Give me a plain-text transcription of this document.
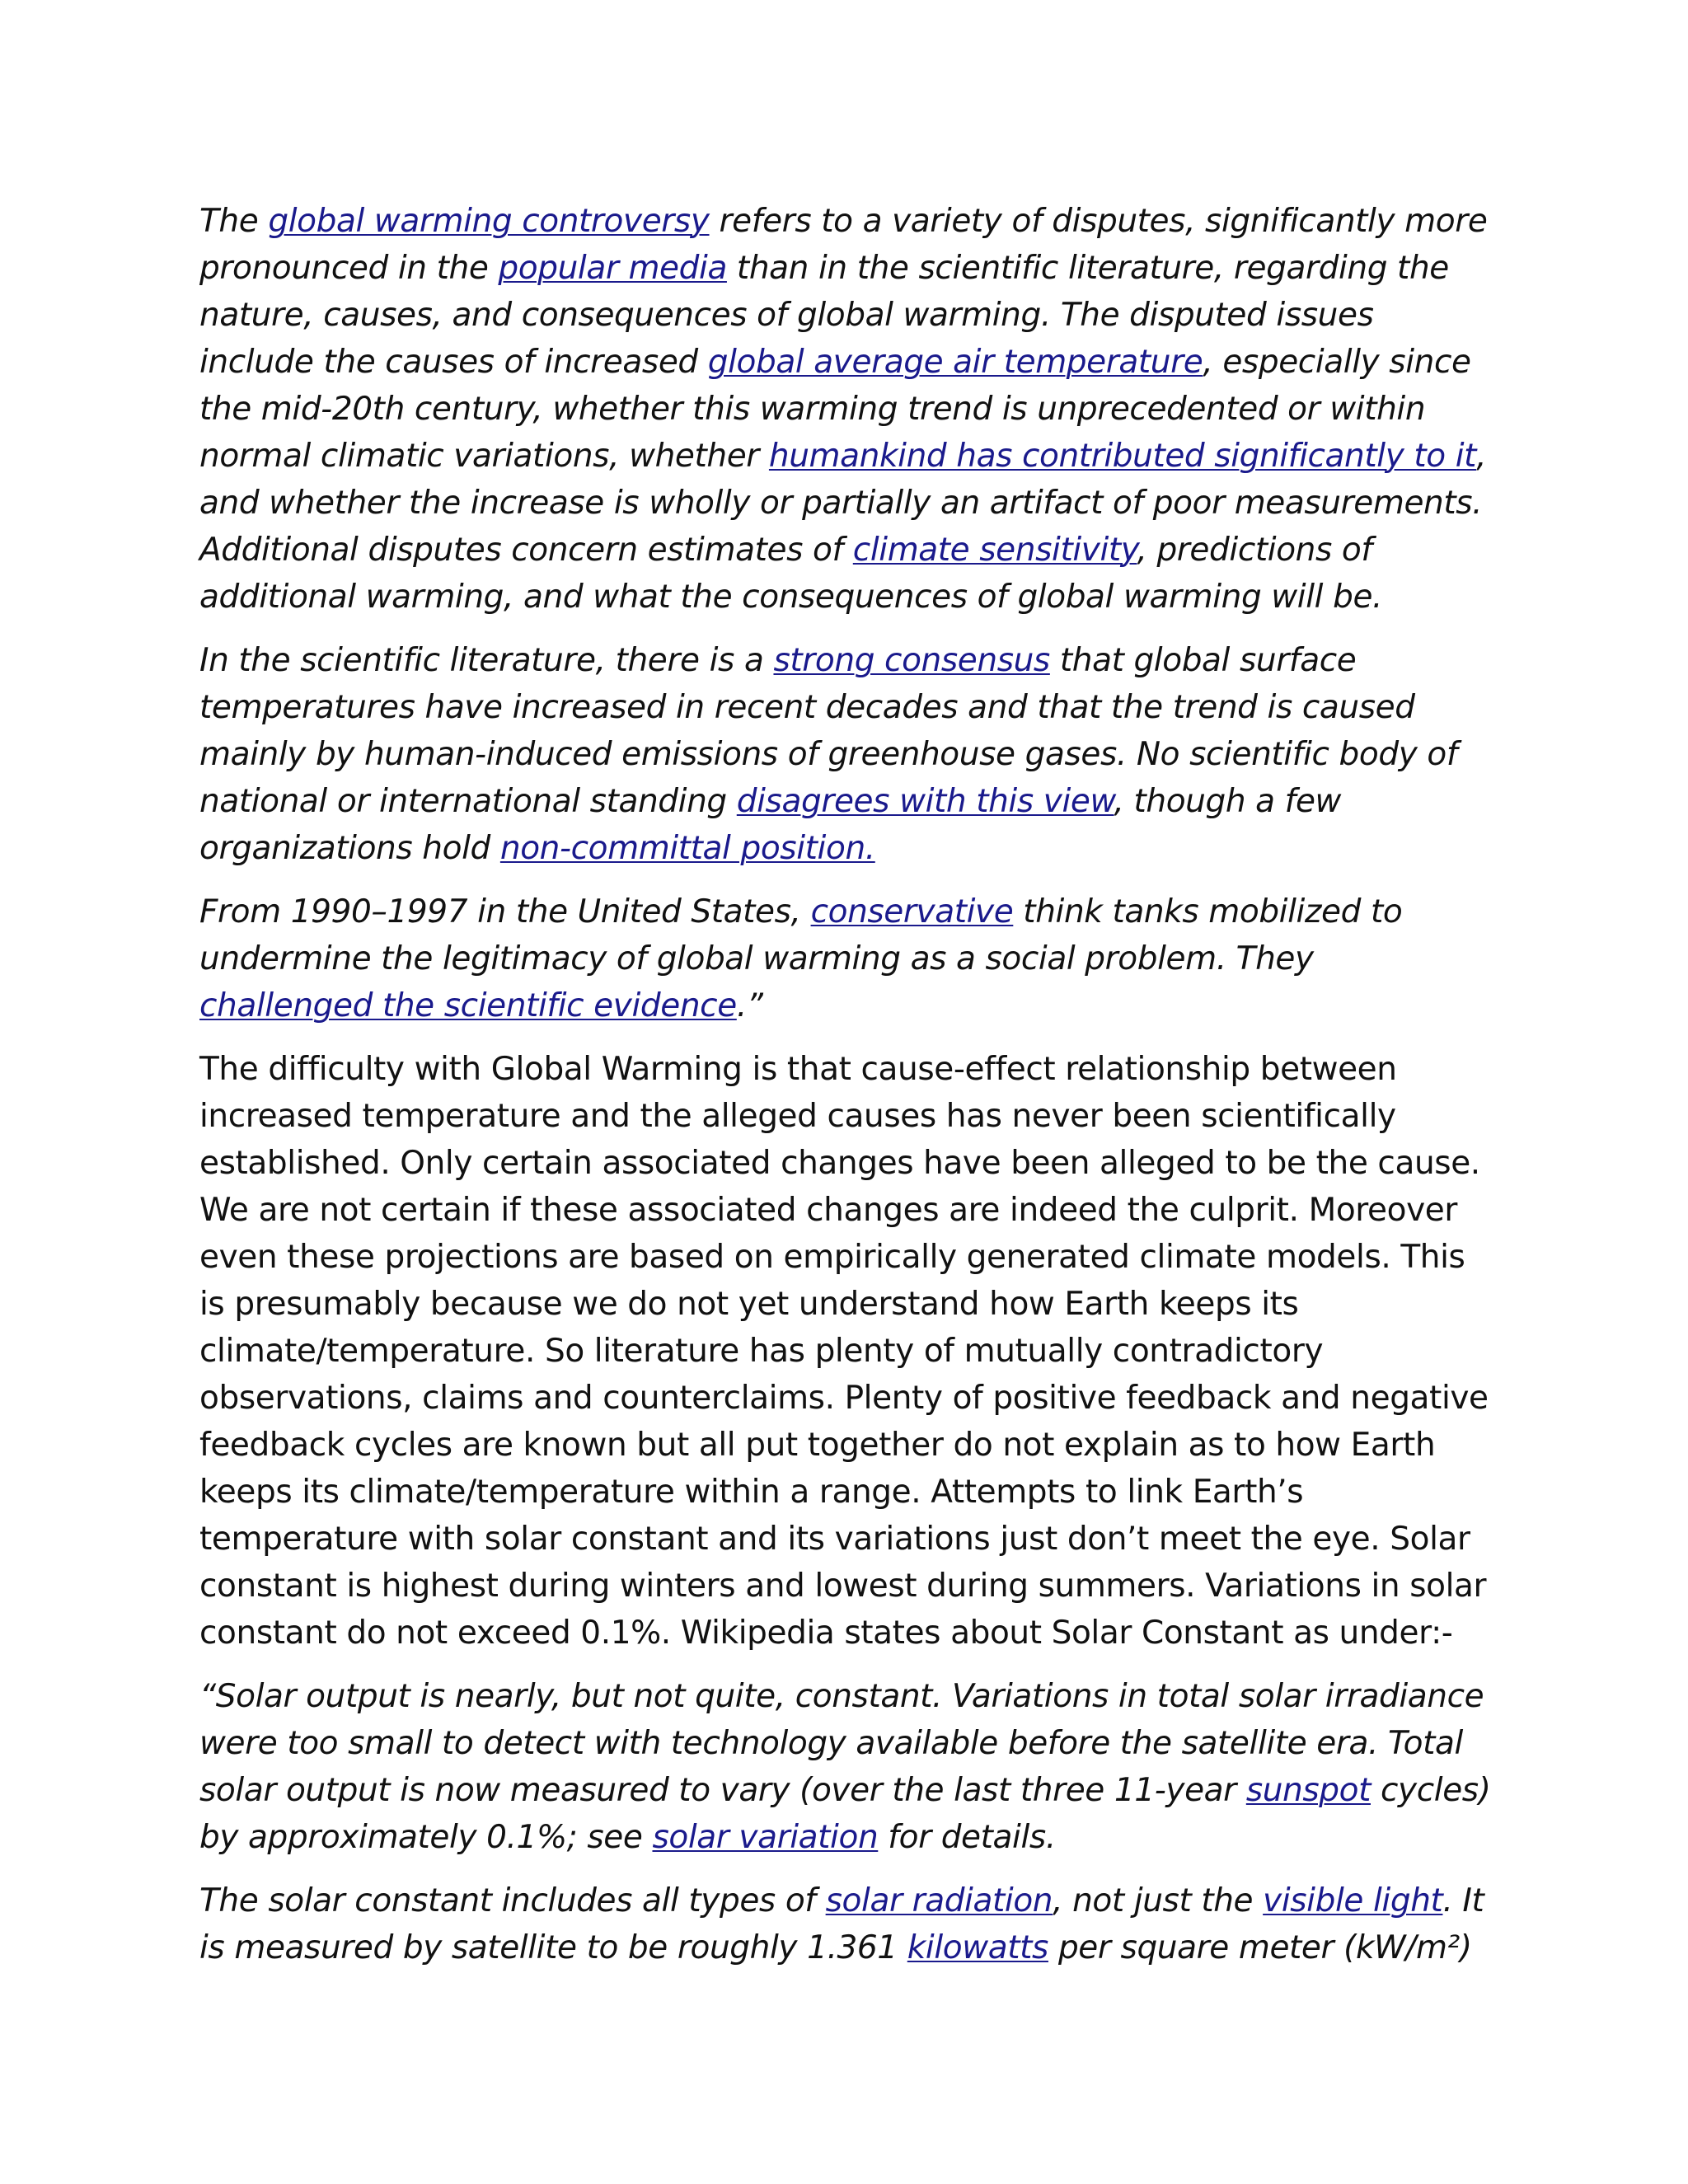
The global warming controversy refers to a variety of disputes, significantly more pronounced in the popular media than in the scientific literature, regarding the nature, causes, and consequences of global warming. The disputed issues include the causes of increased global average air temperature, especially since the mid-20th century, whether this warming trend is unprecedented or within normal climatic variations, whether humankind has contributed significantly to it, and whether the increase is wholly or partially an artifact of poor measurements. Additional disputes concern estimates of climate sensitivity, predictions of additional warming, and what the consequences of global warming will be.

In the scientific literature, there is a strong consensus that global surface temperatures have increased in recent decades and that the trend is caused mainly by human-induced emissions of greenhouse gases. No scientific body of national or international standing disagrees with this view, though a few organizations hold non-committal position.

From 1990–1997 in the United States, conservative think tanks mobilized to undermine the legitimacy of global warming as a social problem. They challenged the scientific evidence.”

The difficulty with Global Warming is that cause-effect relationship between increased temperature and the alleged causes has never been scientifically established. Only certain associated changes have been alleged to be the cause. We are not certain if these associated changes are indeed the culprit. Moreover even these projections are based on empirically generated climate models. This is presumably because we do not yet understand how Earth keeps its climate/temperature. So literature has plenty of mutually contradictory observations, claims and counterclaims. Plenty of positive feedback and negative feedback cycles are known but all put together do not explain as to how Earth keeps its climate/temperature within a range. Attempts to link Earth’s temperature with solar constant and its variations just don’t meet the eye. Solar constant is highest during winters and lowest during summers. Variations in solar constant do not exceed 0.1%. Wikipedia states about Solar Constant as under:-

“Solar output is nearly, but not quite, constant. Variations in total solar irradiance were too small to detect with technology available before the satellite era. Total solar output is now measured to vary (over the last three 11-year sunspot cycles) by approximately 0.1%; see solar variation for details.

The solar constant includes all types of solar radiation, not just the visible light. It is measured by satellite to be roughly 1.361 kilowatts per square meter (kW/m²)
